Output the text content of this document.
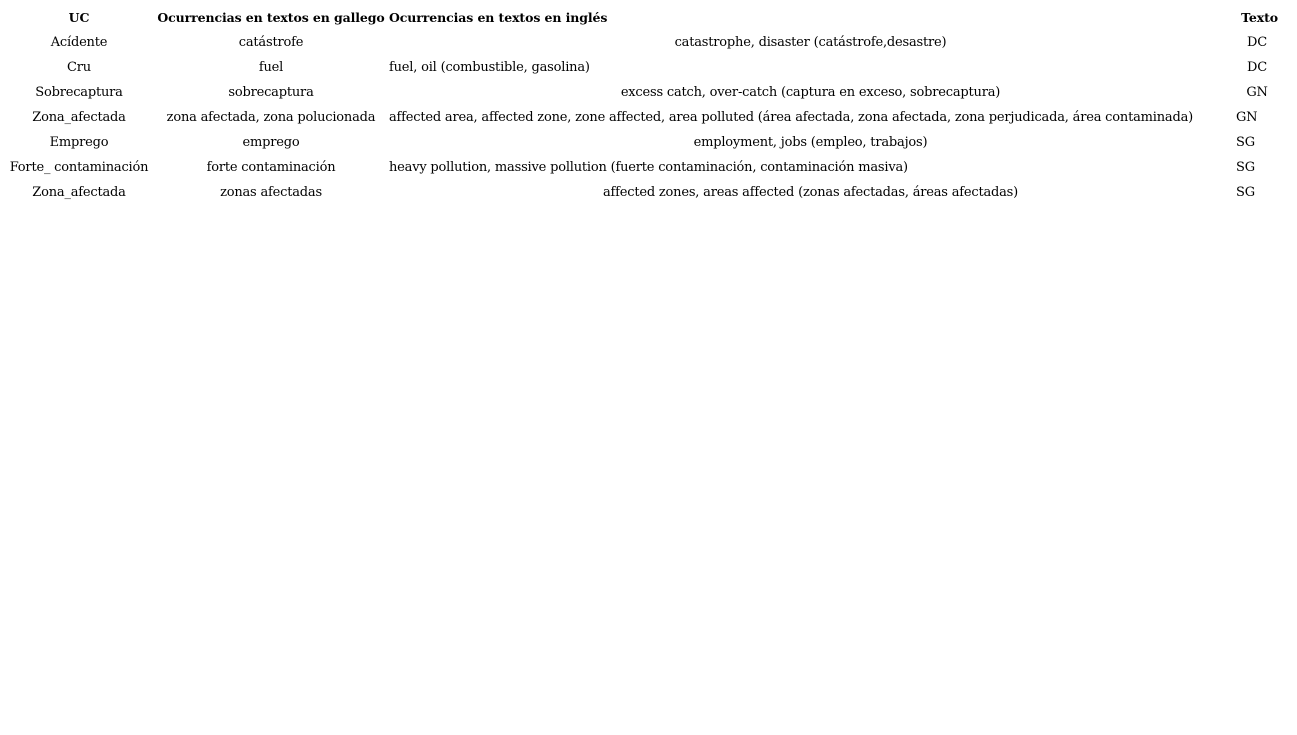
UC	Ocurrencias en textos en gallego	Ocurrencias en textos en inglés	Texto
Acídente	catástrofe	catastrophe, disaster (catástrofe,desastre)	DC
Cru	fuel	fuel, oil (combustible, gasolina)	DC
Sobrecaptura	sobrecaptura	excess catch, over-catch (captura en exceso, sobrecaptura)	GN
Zona_afectada	zona afectada, zona polucionada	affected area, affected zone, zone affected, area polluted (área afectada, zona afectada, zona perjudicada, área contaminada)	GN
Emprego	emprego	employment, jobs (empleo, trabajos)	SG
Forte_ contaminación	forte contaminación	heavy pollution, massive pollution (fuerte contaminación, contaminación masiva)	SG
Zona_afectada	zonas afectadas	affected zones, areas affected (zonas afectadas, áreas afectadas)	SG
